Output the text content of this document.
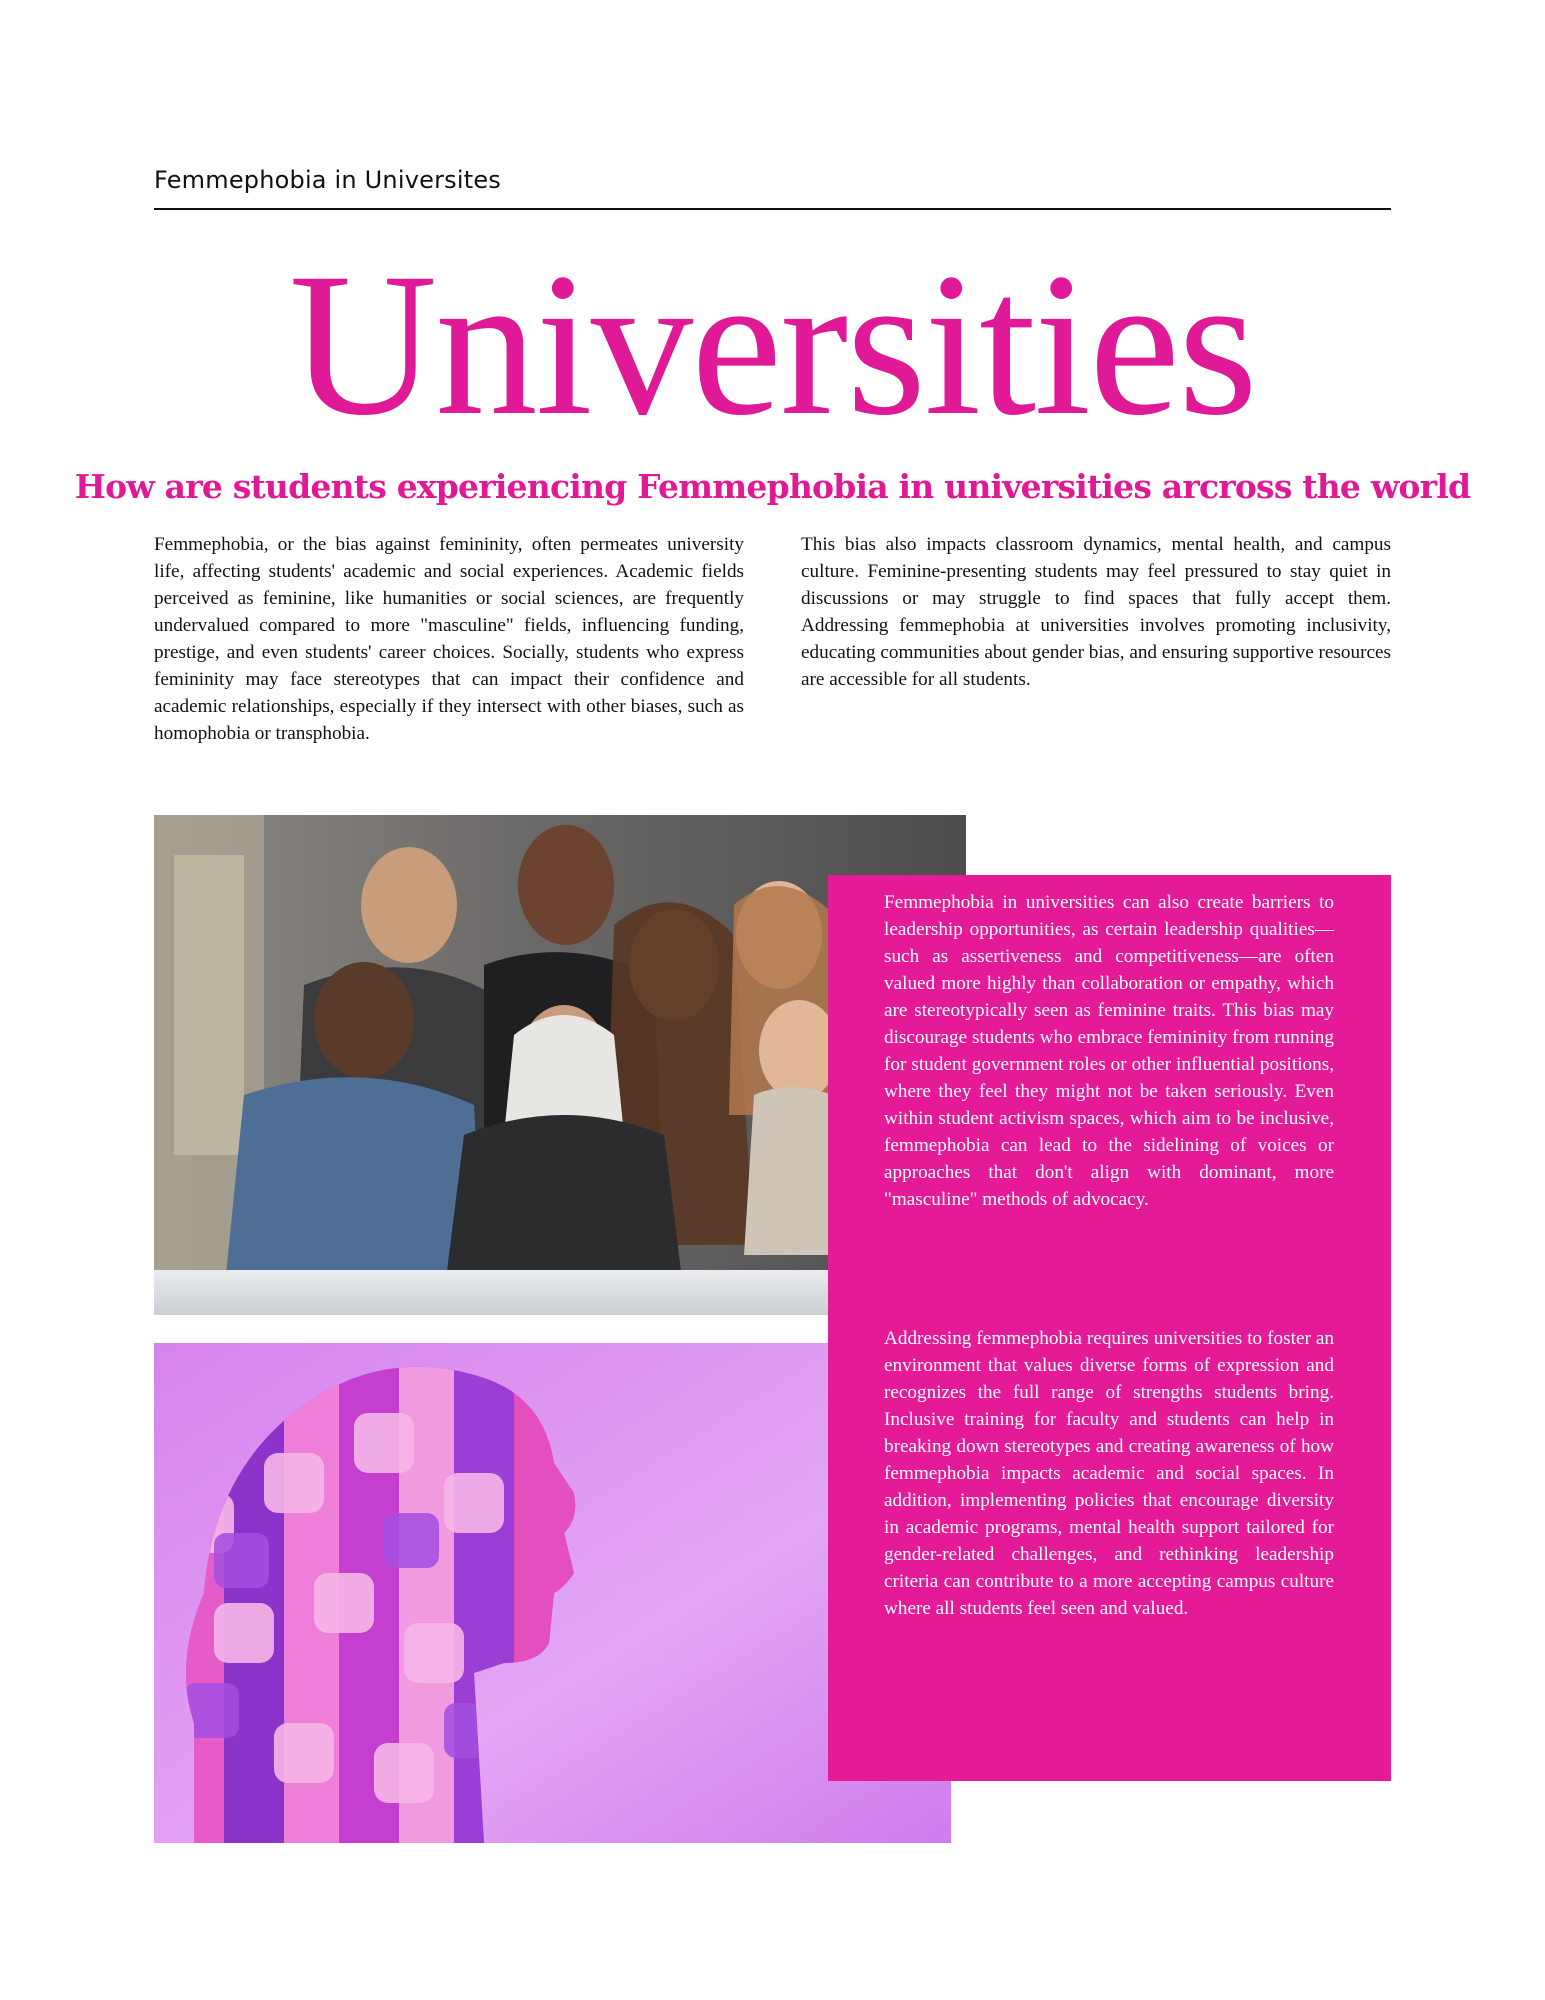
Femmephobia in Universites
Universities
How are students experiencing Femmephobia in universities arcross the world

Femmephobia, or the bias against femininity, often permeates university life, affecting students' academic and social experiences. Academic fields perceived as feminine, like humanities or social sciences, are frequently undervalued compared to more "masculine" fields, influencing funding, prestige, and even students' career choices. Socially, students who express femininity may face stereotypes that can impact their confidence and academic relationships, especially if they intersect with other biases, such as homophobia or transphobia.

This bias also impacts classroom dynamics, mental health, and campus culture. Feminine-presenting students may feel pressured to stay quiet in discussions or may struggle to find spaces that fully accept them. Addressing femmephobia at universities involves promoting inclusivity, educating communities about gender bias, and ensuring supportive resources are accessible for all students.

Femmephobia in universities can also create barriers to leadership opportunities, as certain leadership qualities—such as assertiveness and competitiveness—are often valued more highly than collaboration or empathy, which are stereotypically seen as feminine traits. This bias may discourage students who embrace femininity from running for student government roles or other influential positions, where they feel they might not be taken seriously. Even within student activism spaces, which aim to be inclusive, femmephobia can lead to the sidelining of voices or approaches that don't align with dominant, more "masculine" methods of advocacy.

Addressing femmephobia requires universities to foster an environment that values diverse forms of expression and recognizes the full range of strengths students bring. Inclusive training for faculty and students can help in breaking down stereotypes and creating awareness of how femmephobia impacts academic and social spaces. In addition, implementing policies that encourage diversity in academic programs, mental health support tailored for gender-related challenges, and rethinking leadership criteria can contribute to a more accepting campus culture where all students feel seen and valued.
